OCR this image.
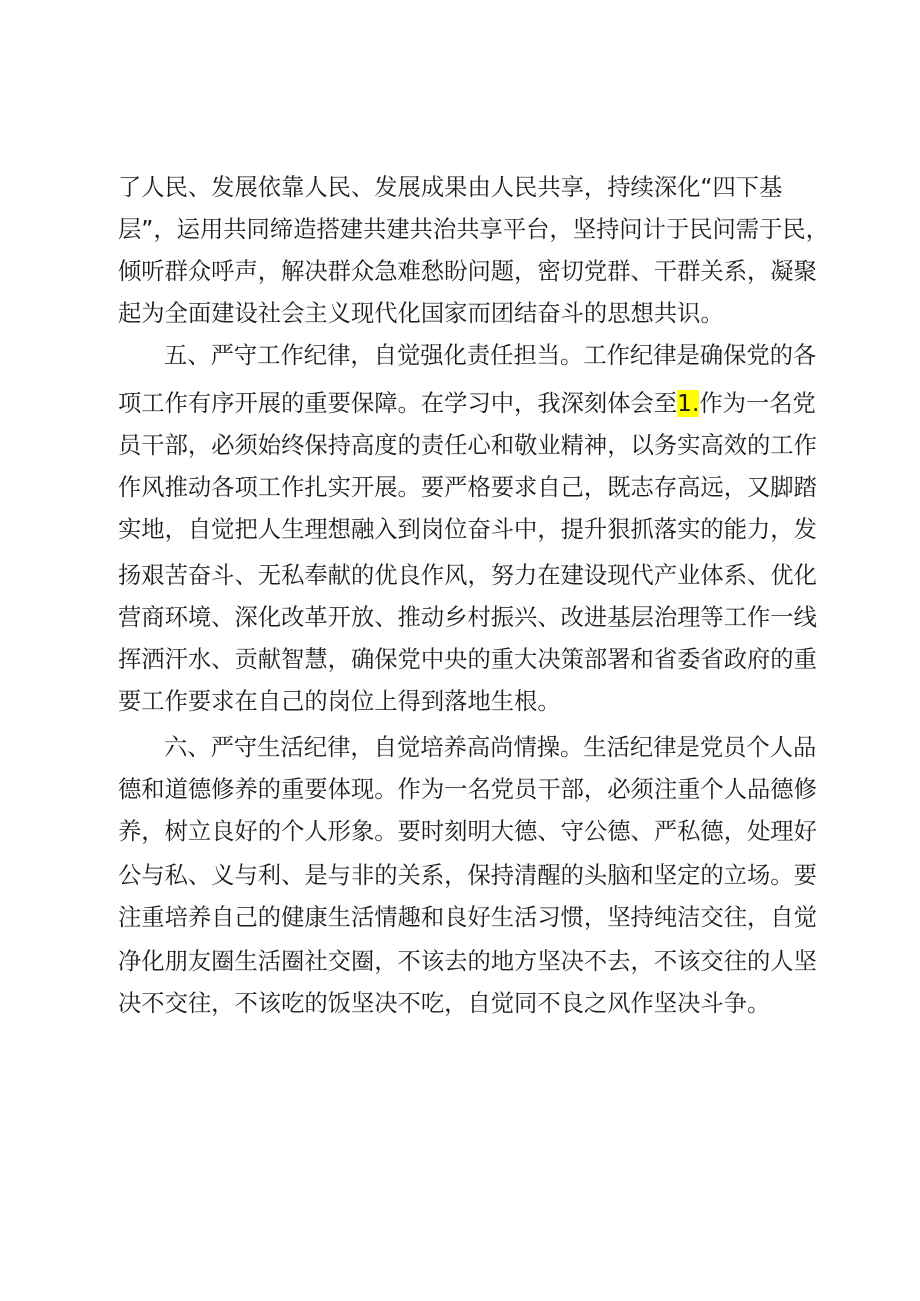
了人民、发展依靠人民、发展成果由人民共享，持续深化“四下基
层”，运用共同缔造搭建共建共治共享平台，坚持问计于民问需于民，
倾听群众呼声，解决群众急难愁盼问题，密切党群、干群关系，凝聚
起为全面建设社会主义现代化国家而团结奋斗的思想共识。
五、严守工作纪律，自觉强化责任担当。工作纪律是确保党的各
项工作有序开展的重要保障。在学习中，我深刻体会至1.作为一名党
员干部，必须始终保持高度的责任心和敬业精神，以务实高效的工作
作风推动各项工作扎实开展。要严格要求自己，既志存高远，又脚踏
实地，自觉把人生理想融入到岗位奋斗中，提升狠抓落实的能力，发
扬艰苦奋斗、无私奉献的优良作风，努力在建设现代产业体系、优化
营商环境、深化改革开放、推动乡村振兴、改进基层治理等工作一线
挥洒汗水、贡献智慧，确保党中央的重大决策部署和省委省政府的重
要工作要求在自己的岗位上得到落地生根。
六、严守生活纪律，自觉培养高尚情操。生活纪律是党员个人品
德和道德修养的重要体现。作为一名党员干部，必须注重个人品德修
养，树立良好的个人形象。要时刻明大德、守公德、严私德，处理好
公与私、义与利、是与非的关系，保持清醒的头脑和坚定的立场。要
注重培养自己的健康生活情趣和良好生活习惯，坚持纯洁交往，自觉
净化朋友圈生活圈社交圈，不该去的地方坚决不去，不该交往的人坚
决不交往，不该吃的饭坚决不吃，自觉同不良之风作坚决斗争。
